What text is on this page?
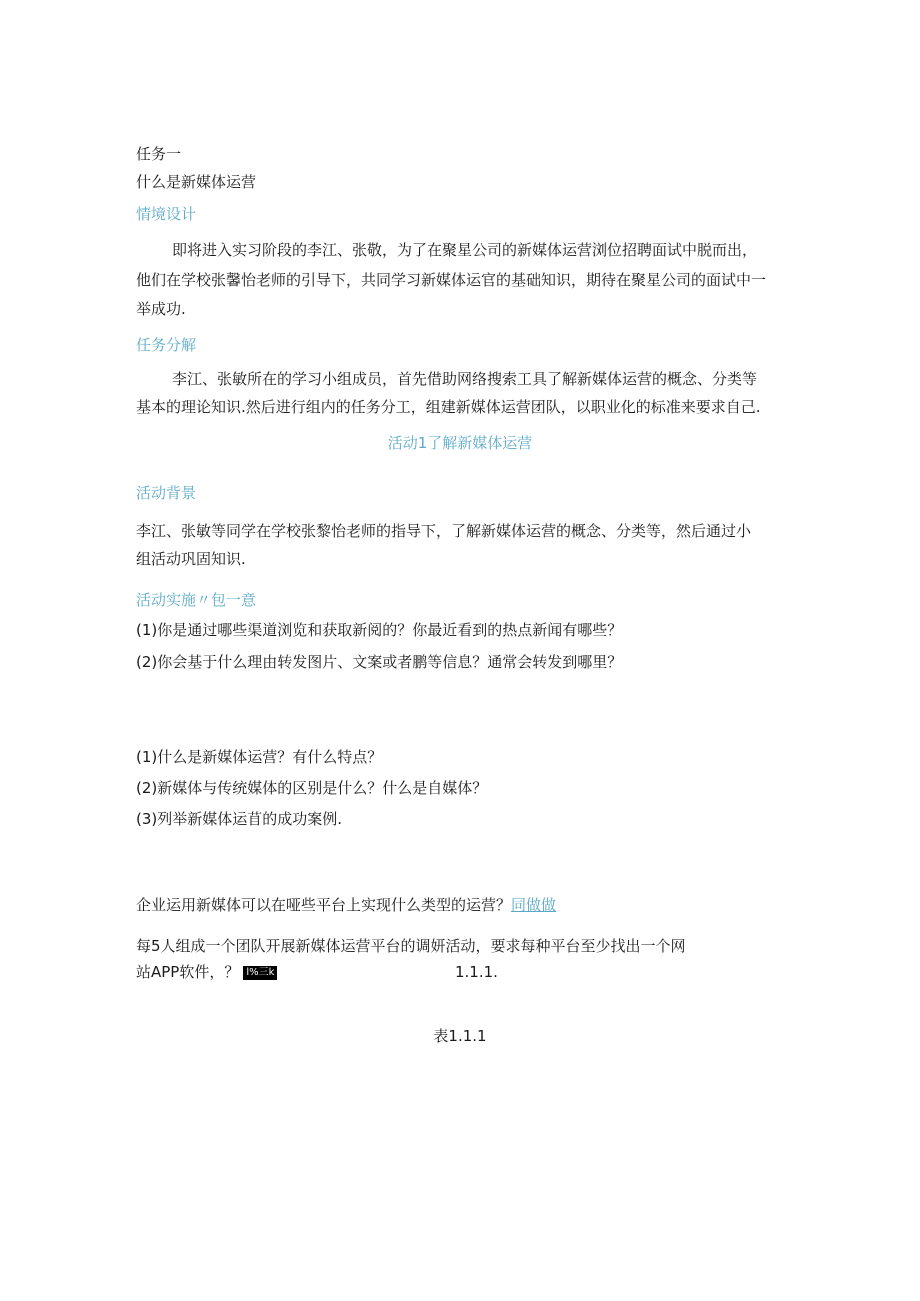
任务一
什么是新媒体运营
情境设计
即将进入实习阶段的李江、张敬，为了在聚星公司的新媒体运营浏位招聘面试中脱而出，
他们在学校张馨怡老师的引导下，共同学习新媒体运官的基础知识，期待在聚星公司的面试中一
举成功.
任务分解
李江、张敏所在的学习小组成员，首先借助网络搜索工具了解新媒体运营的概念、分类等
基本的理论知识.然后进行组内的任务分工，组建新媒体运营团队，以职业化的标准来要求自己.
活动1了解新媒体运营
活动背景
李江、张敏等同学在学校张黎怡老师的指导下，了解新媒体运营的概念、分类等，然后通过小
组活动巩固知识.
活动实施〃包一意
(1)你是通过哪些渠道浏览和获取新阅的？你最近看到的热点新闻有哪些？
(2)你会基于什么理由转发图片、文案或者鹏等信息？通常会转发到哪里？
(1)什么是新媒体运营？有什么特点？
(2)新媒体与传统媒体的区别是什么？什么是自媒体？
(3)列举新媒体运苜的成功案例.
企业运用新媒体可以在哑些平台上实现什么类型的运营？同做做
每5人组成一个团队开展新媒体运营平台的调妍活动，要求每种平台至少找出一个网
站APP软件，？ l%三k	1.1.1.
表1.1.1
